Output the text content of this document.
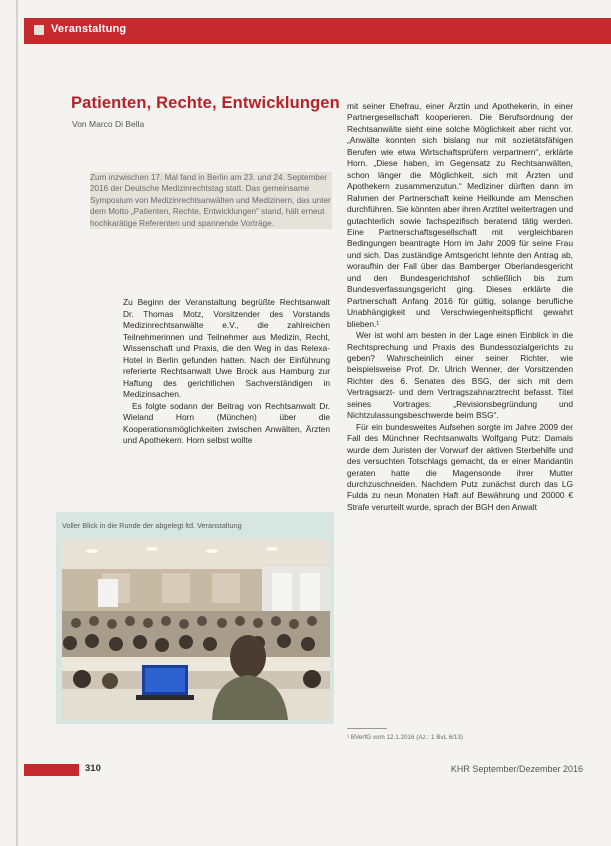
Veranstaltung
Patienten, Rechte, Entwicklungen
Von Marco Di Bella

Zum inzwischen 17. Mal fand in Berlin am 23. und 24. September 2016 der Deutsche Medizinrechtstag statt. Das gemeinsame Symposium von Medizinrechtsanwälten und Medizinern, das unter dem Motto „Patienten, Rechte, Entwicklungen“ stand, hält erneut hochkarätige Referenten und spannende Vorträge.

Zu Beginn der Veranstaltung begrüßte Rechtsanwalt Dr. Thomas Motz, Vorsitzender des Vorstands Medizinrechtsanwälte e.V., die zahlreichen Teilnehmerinnen und Teilnehmer aus Medizin, Recht, Wissenschaft und Praxis, die den Weg in das Relexa-Hotel in Berlin gefunden hatten. Nach der Einführung referierte Rechtsanwalt Uwe Brock aus Hamburg zur Haftung des gerichtlichen Sachverständigen in Medizinsachen.

Es folgte sodann der Beitrag von Rechtsanwalt Dr. Wieland Horn (München) über die Kooperationsmöglichkeiten zwischen Anwälten, Ärzten und Apothekern. Horn selbst wollte

Voller Blick in die Runde der abgelegt ltd. Veranstaltung

mit seiner Ehefrau, einer Ärztin und Apothekerin, in einer Partnergesellschaft kooperieren. Die Berufsordnung der Rechtsanwälte sieht eine solche Möglichkeit aber nicht vor. „Anwälte konnten sich bislang nur mit sozietätsfähigen Berufen wie etwa Wirtschaftsprüfern verpartnern“, erklärte Horn. „Diese haben, im Gegensatz zu Rechtsanwälten, schon länger die Möglichkeit, sich mit Ärzten und Apothekern zusammenzutun.“ Mediziner dürften dann im Rahmen der Partnerschaft keine Heilkunde am Menschen durchführen. Sie könnten aber ihren Arztitel weitertragen und gutachterlich sowie fachspezifisch beratend tätig werden. Eine Partnerschaftsgesellschaft mit vergleichbaren Bedingungen beantragte Horn im Jahr 2009 für seine Frau und sich. Das zuständige Amtsgericht lehnte den Antrag ab, woraufhin der Fall über das Bamberger Oberlandesgericht und den Bundesgerichtshof schließlich bis zum Bundesverfassungsgericht ging. Dieses erklärte die Partnerschaft Anfang 2016 für gültig, solange berufliche Unabhängigkeit und Verschwiegenheitspflicht gewahrt blieben.¹

Wer ist wohl am besten in der Lage einen Einblick in die Rechtsprechung und Praxis des Bundessozialgerichts zu geben? Wahrscheinlich einer seiner Richter, wie beispielsweise Prof. Dr. Ulrich Wenner, der Vorsitzenden Richter des 6. Senates des BSG, der sich mit dem Vertragsarzt- und dem Vertragszahnarztrecht befasst. Titel seines Vortrages: „Revisionsbegründung und Nichtzulassungsbeschwerde beim BSG“.

Für ein bundesweites Aufsehen sorgte im Jahre 2009 der Fall des Münchner Rechtsanwalts Wolfgang Putz: Damals wurde dem Juristen der Vorwurf der aktiven Sterbehilfe und des versuchten Totschlags gemacht, da er einer Mandantin geraten hatte die Magensonde ihrer Mutter durchzuschneiden. Nachdem Putz zunächst durch das LG Fulda zu neun Monaten Haft auf Bewährung und 20000 € Strafe verurteilt wurde, sprach der BGH den Anwalt

¹ BVerfG vom 12.1.2016 (Az.: 1 BvL 6/13)
310	KHR September/Dezember 2016
